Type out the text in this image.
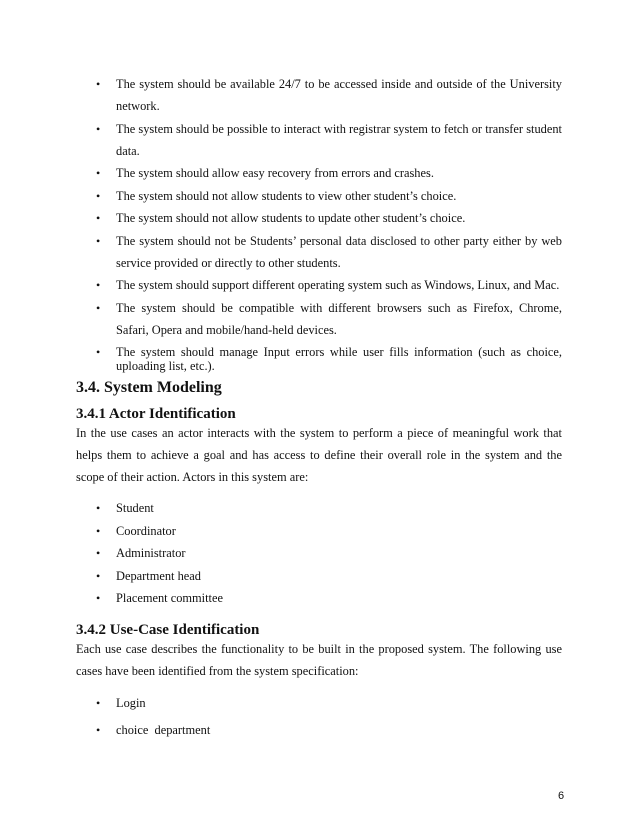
• The system should be available 24/7 to be accessed inside and outside of the University network.
• The system should be possible to interact with registrar system to fetch or transfer student data.
• The system should allow easy recovery from errors and crashes.
• The system should not allow students to view other student’s choice.
• The system should not allow students to update other student’s choice.
• The system should not be Students’ personal data disclosed to other party either by web service provided or directly to other students.
• The system should support different operating system such as Windows, Linux, and Mac.
• The system should be compatible with different browsers such as Firefox, Chrome, Safari, Opera and mobile/hand-held devices.
• The system should manage Input errors while user fills information (such as choice, uploading list, etc.).
3.4. System Modeling
3.4.1 Actor Identification

In the use cases an actor interacts with the system to perform a piece of meaningful work that helps them to achieve a goal and has access to define their overall role in the system and the scope of their action. Actors in this system are:

• Student
• Coordinator
• Administrator
• Department head
• Placement committee
3.4.2 Use-Case Identification

Each use case describes the functionality to be built in the proposed system. The following use cases have been identified from the system specification:

• Login
• choice  department
6
